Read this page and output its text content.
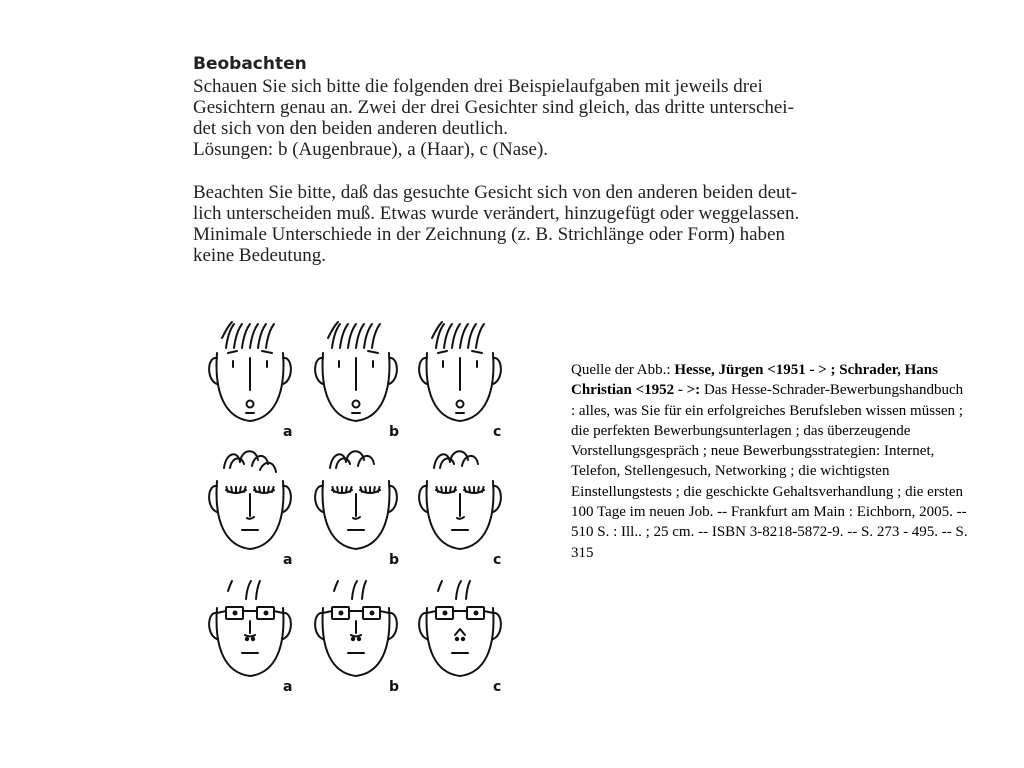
Beobachten

Schauen Sie sich bitte die folgenden drei Beispielaufgaben mit jeweils drei
Gesichtern genau an. Zwei der drei Gesichter sind gleich, das dritte unterschei-
det sich von den beiden anderen deutlich.

Lösungen: b (Augenbraue), a (Haar), c (Nase).

Beachten Sie bitte, daß das gesuchte Gesicht sich von den anderen beiden deut-
lich unterscheiden muß. Etwas wurde verändert, hinzugefügt oder weggelassen.
Minimale Unterschiede in der Zeichnung (z. B. Strichlänge oder Form) haben
keine Bedeutung.

a	b	c
a	b	c
a	b	c
Quelle der Abb.: Hesse, Jürgen <1951 - > ; Schrader, Hans Christian <1952 - >: Das Hesse-Schrader-Bewerbungshandbuch : alles, was Sie für ein erfolgreiches Berufsleben wissen müssen ; die perfekten Bewerbungsunterlagen ; das überzeugende Vorstellungsgespräch ; neue Bewerbungsstrategien: Internet, Telefon, Stellengesuch, Networking ; die wichtigsten Einstellungstests ; die geschickte Gehaltsverhandlung ; die ersten 100 Tage im neuen Job. -- Frankfurt am Main : Eichborn, 2005. -- 510 S. : Ill.. ; 25 cm. -- ISBN 3-8218-5872-9. -- S. 273 - 495. -- S. 315
